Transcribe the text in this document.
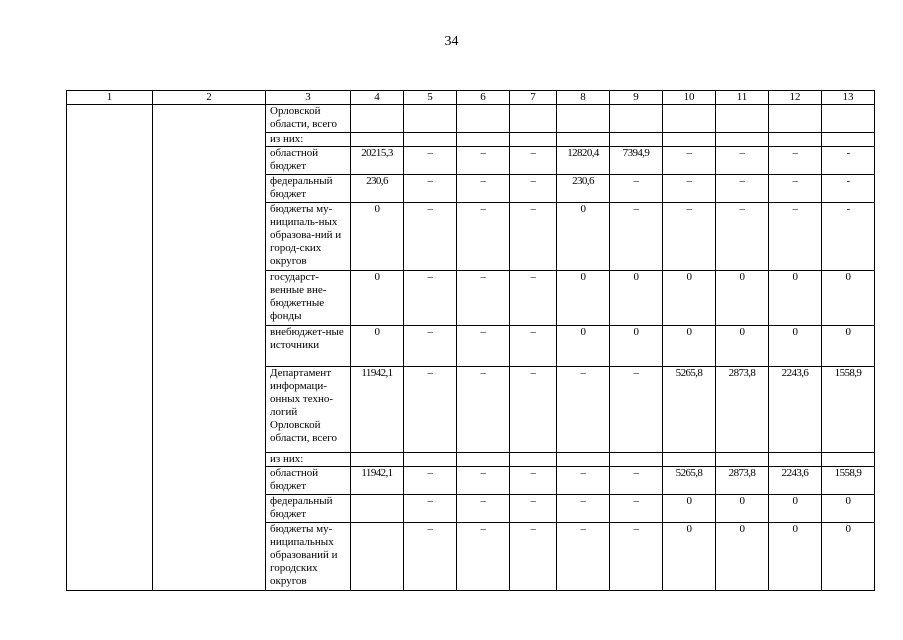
34
1	2	3	4	5	6	7	8	9	10	11	12	13
		Орловской области, всего										
		из них:										
		областной бюджет	20215,3	–	–	–	12820,4	7394,9	–	–	–	-
		федеральный бюджет	230,6	–	–	–	230,6	–	–	–	–	-
		бюджеты му-ниципаль-ных образова-ний и город-ских округов	0	–	–	–	0	–	–	–	–	-
		государст-венные вне-бюджетные фонды	0	–	–	–	0	0	0	0	0	0
		внебюджет-ные источники	0	–	–	–	0	0	0	0	0	0
		Департамент информаци-онных техно-логий Орловской области, всего	11942,1	–	–	–	–	–	5265,8	2873,8	2243,6	1558,9
		из них:										
		областной бюджет	11942,1	–	–	–	–	–	5265,8	2873,8	2243,6	1558,9
		федеральный бюджет		–	–	–	–	–	0	0	0	0
		бюджеты му-ниципальных образований и городских округов		–	–	–	–	–	0	0	0	0
